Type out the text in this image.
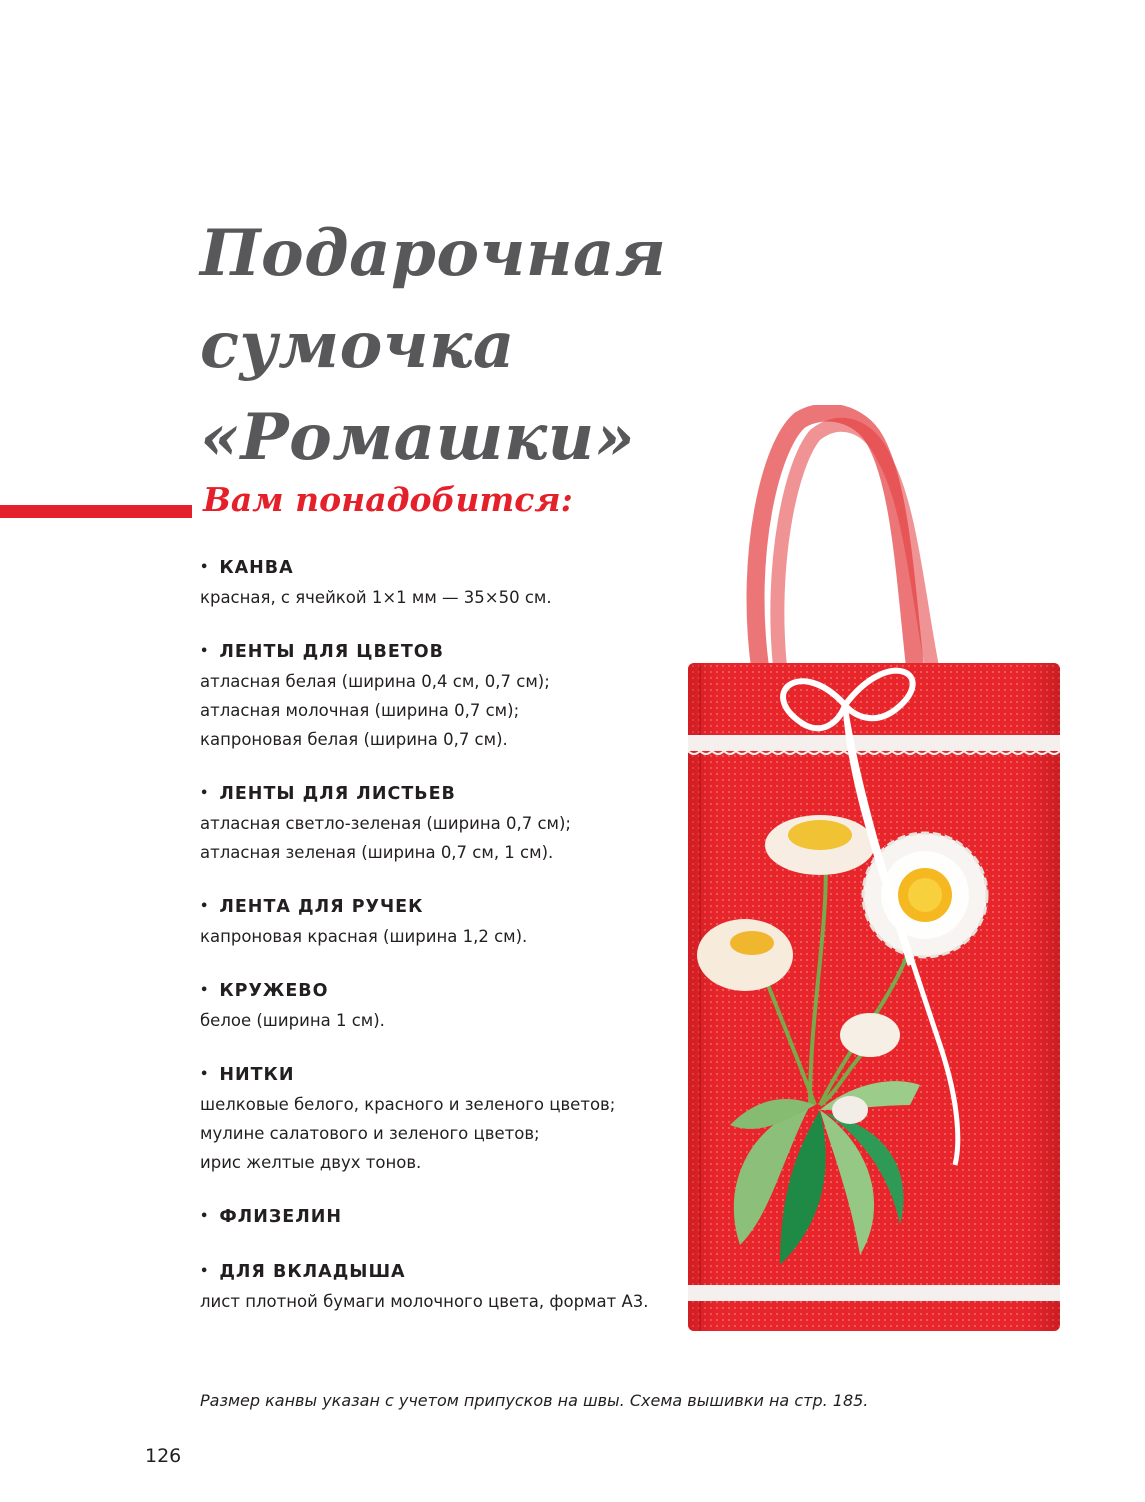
Подарочная сумочка
«Ромашки»
Вам понадобится:
• КАНВА
красная, с ячейкой 1×1 мм — 35×50 см.
• ЛЕНТЫ ДЛЯ ЦВЕТОВ
атласная белая (ширина 0,4 см, 0,7 см);
атласная молочная (ширина 0,7 см);
капроновая белая (ширина 0,7 см).
• ЛЕНТЫ ДЛЯ ЛИСТЬЕВ
атласная светло-зеленая (ширина 0,7 см);
атласная зеленая (ширина 0,7 см, 1 см).
• ЛЕНТА ДЛЯ РУЧЕК
капроновая красная (ширина 1,2 см).
• КРУЖЕВО
белое (ширина 1 см).
• НИТКИ
шелковые белого, красного и зеленого цветов;
мулине салатового и зеленого цветов;
ирис желтые двух тонов.
• ФЛИЗЕЛИН
• ДЛЯ ВКЛАДЫША
лист плотной бумаги молочного цвета, формат А3.
Размер канвы указан с учетом припусков на швы. Схема вышивки на стр. 185.
126
